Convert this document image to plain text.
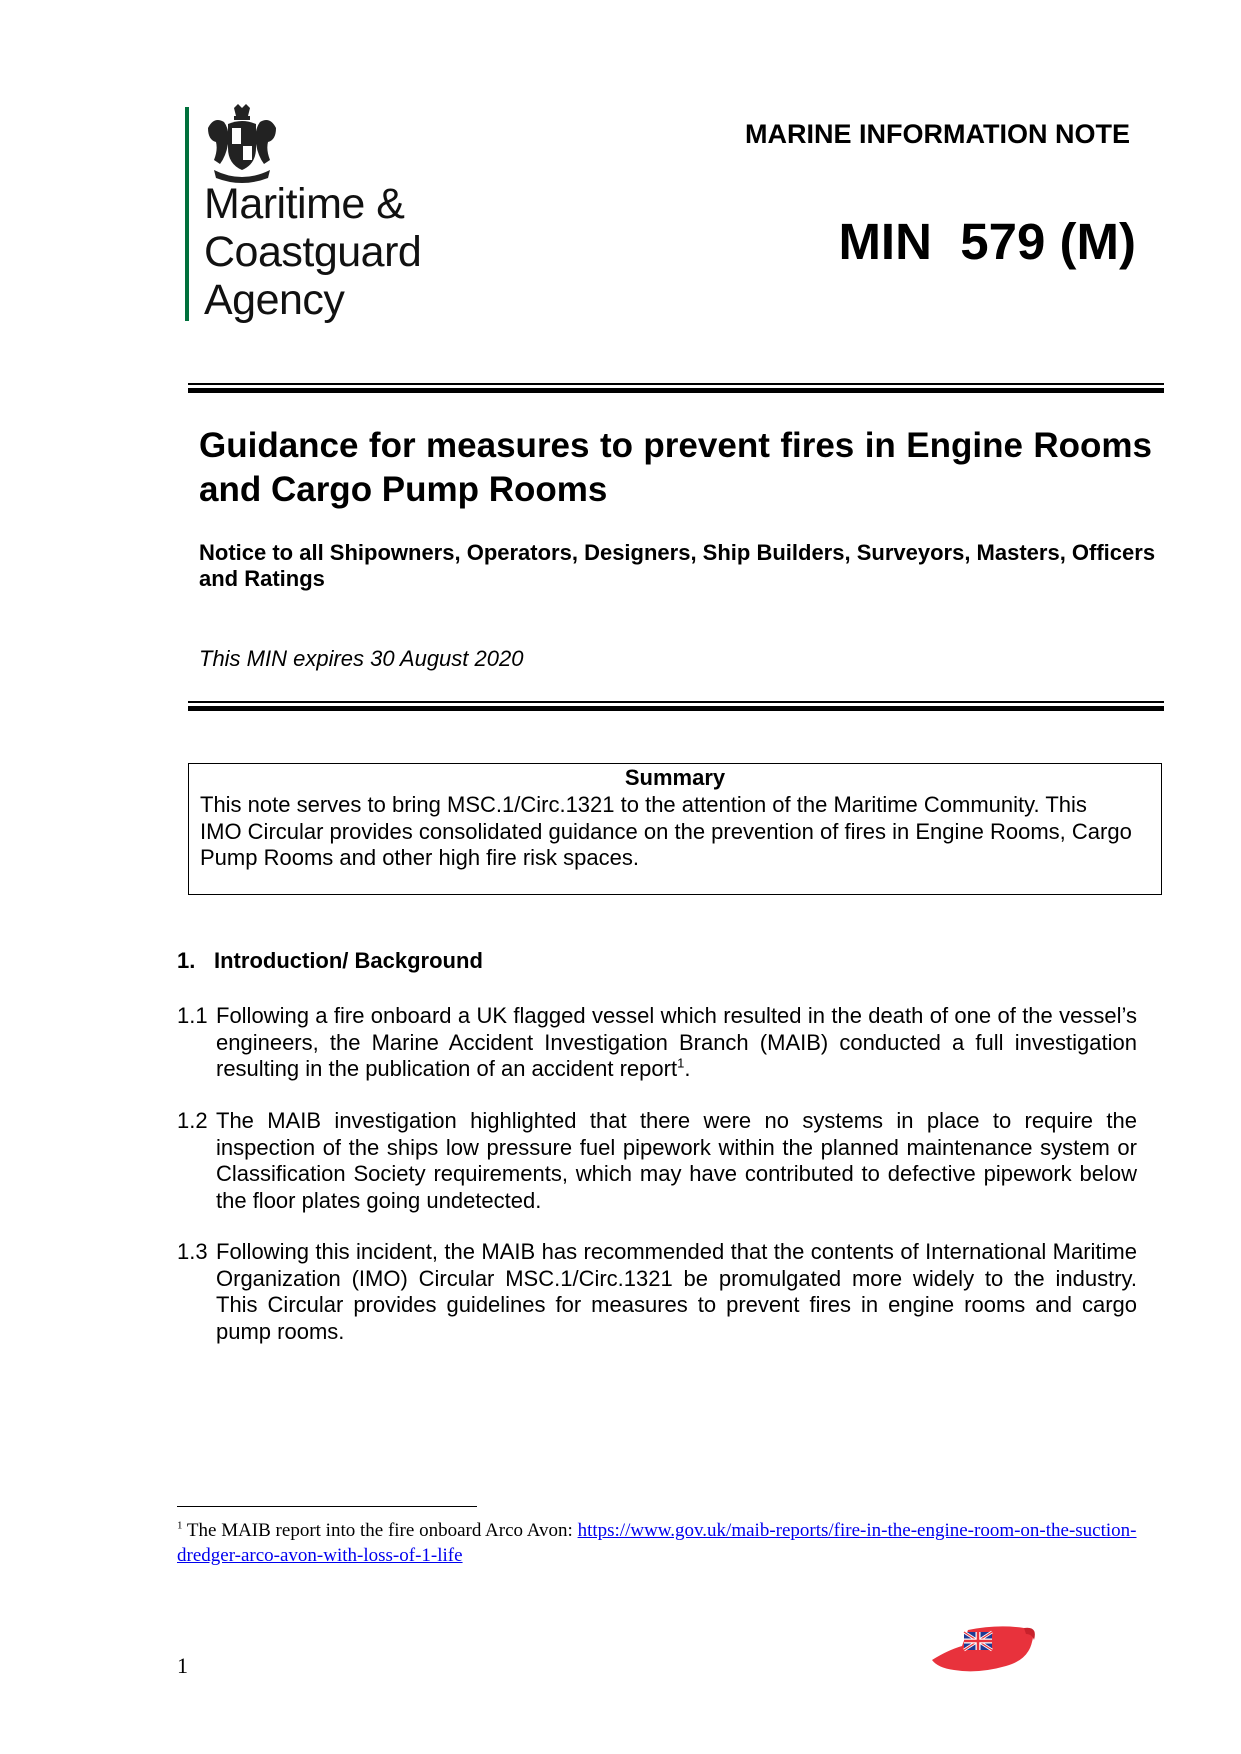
Maritime &
Coastguard
Agency
MARINE INFORMATION NOTE
MIN  579 (M)
Guidance for measures to prevent fires in Engine Rooms and Cargo Pump Rooms
Notice to all Shipowners, Operators, Designers, Ship Builders, Surveyors, Masters, Officers and Ratings
This MIN expires 30 August 2020
Summary
This note serves to bring MSC.1/Circ.1321 to the attention of the Maritime Community. This IMO Circular provides consolidated guidance on the prevention of fires in Engine Rooms, Cargo Pump Rooms and other high fire risk spaces.
1. Introduction/ Background
1.1 Following a fire onboard a UK flagged vessel which resulted in the death of one of the vessel’s engineers, the Marine Accident Investigation Branch (MAIB) conducted a full investigation resulting in the publication of an accident report$^1$.
1.2 The MAIB investigation highlighted that there were no systems in place to require the inspection of the ships low pressure fuel pipework within the planned maintenance system or Classification Society requirements, which may have contributed to defective pipework below the floor plates going undetected.
1.3 Following this incident, the MAIB has recommended that the contents of International Maritime Organization (IMO) Circular MSC.1/Circ.1321 be promulgated more widely to the industry. This Circular provides guidelines for measures to prevent fires in engine rooms and cargo pump rooms.
$^1$ The MAIB report into the fire onboard Arco Avon: https://www.gov.uk/maib-reports/fire-in-the-engine-room-on-the-suction-dredger-arco-avon-with-loss-of-1-life
1
